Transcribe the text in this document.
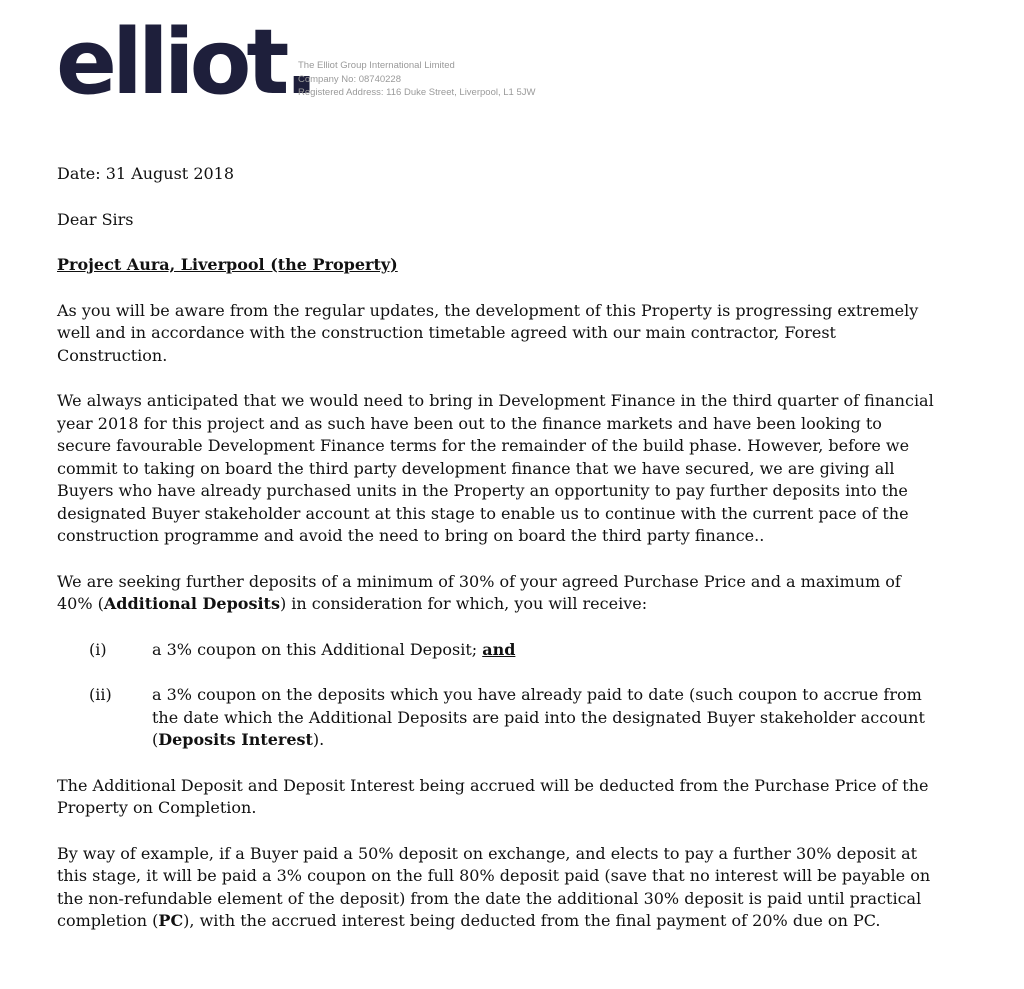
elliot.
The Elliot Group International Limited
Company No: 08740228
Registered Address: 116 Duke Street, Liverpool, L1 5JW

Date: 31 August 2018

Dear Sirs

Project Aura, Liverpool (the Property)

As you will be aware from the regular updates, the development of this Property is progressing extremely well and in accordance with the construction timetable agreed with our main contractor, Forest Construction.

We always anticipated that we would need to bring in Development Finance in the third quarter of financial year 2018 for this project and as such have been out to the finance markets and have been looking to secure favourable Development Finance terms for the remainder of the build phase. However, before we commit to taking on board the third party development finance that we have secured, we are giving all Buyers who have already purchased units in the Property an opportunity to pay further deposits into the designated Buyer stakeholder account at this stage to enable us to continue with the current pace of the construction programme and avoid the need to bring on board the third party finance..

We are seeking further deposits of a minimum of 30% of your agreed Purchase Price and a maximum of 40% (Additional Deposits) in consideration for which, you will receive:

(i)	a 3% coupon on this Additional Deposit; and
(ii)	a 3% coupon on the deposits which you have already paid to date (such coupon to accrue from the date which the Additional Deposits are paid into the designated Buyer stakeholder account (Deposits Interest).

The Additional Deposit and Deposit Interest being accrued will be deducted from the Purchase Price of the Property on Completion.

By way of example, if a Buyer paid a 50% deposit on exchange, and elects to pay a further 30% deposit at this stage, it will be paid a 3% coupon on the full 80% deposit paid (save that no interest will be payable on the non-refundable element of the deposit) from the date the additional 30% deposit is paid until practical completion (PC), with the accrued interest being deducted from the final payment of 20% due on PC.
